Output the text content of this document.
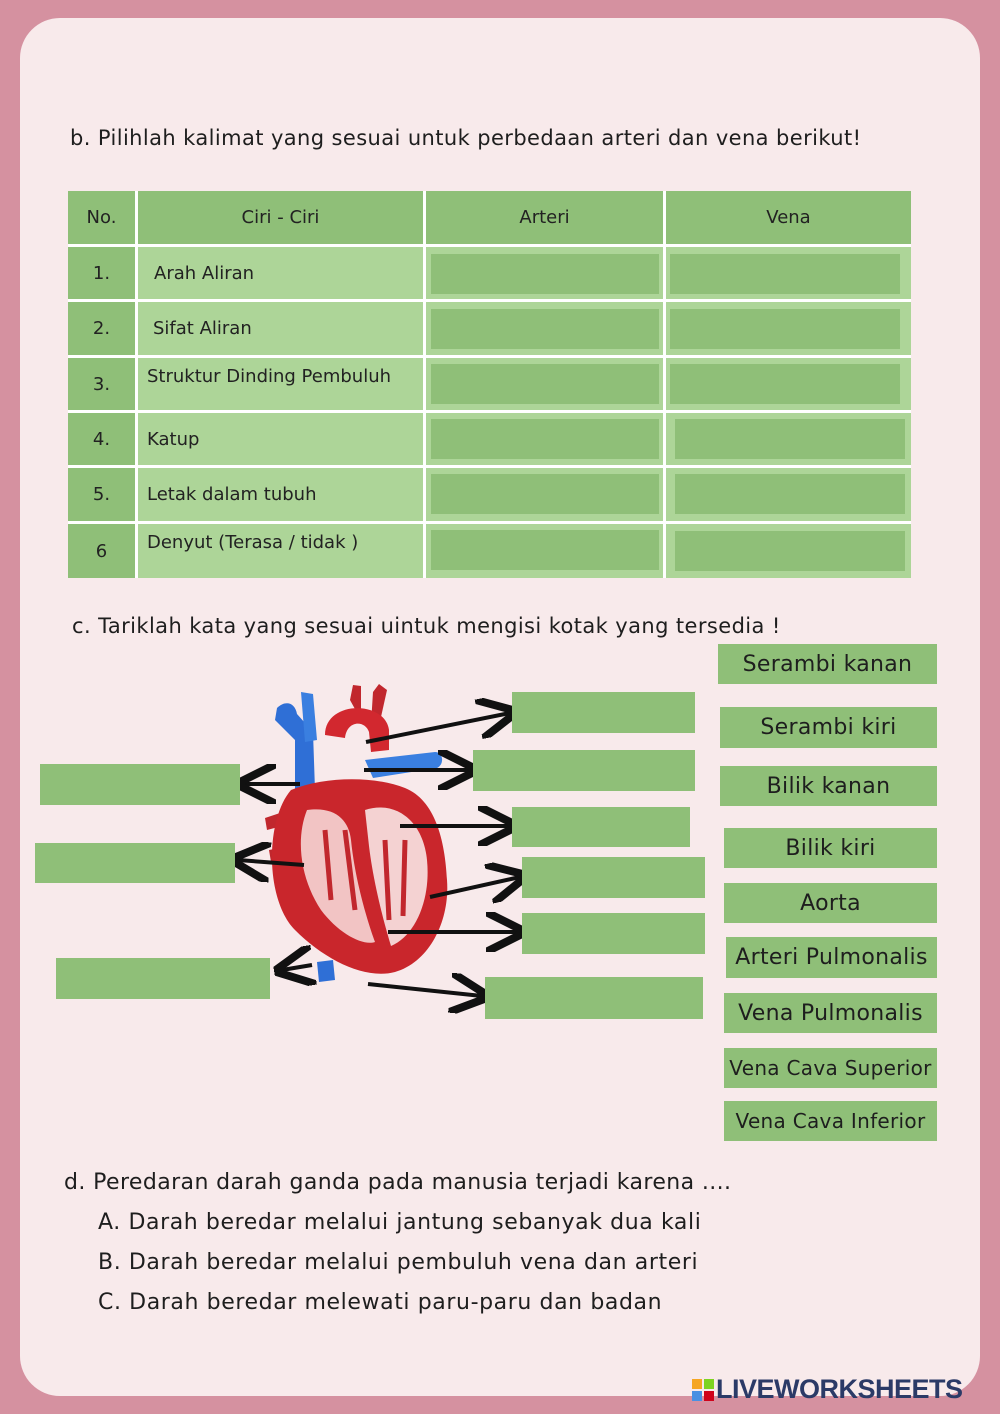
b. Pilihlah kalimat yang sesuai untuk perbedaan arteri dan vena berikut!
No.	Ciri - Ciri	Arteri	Vena
1.	Arah Aliran
2.	Sifat Aliran
3.	Struktur Dinding Pembuluh
4.	Katup
5.	Letak dalam tubuh
6	Denyut (Terasa / tidak )
c. Tariklah kata yang sesuai uintuk mengisi kotak yang tersedia !
Serambi kanan
Serambi kiri
Bilik kanan
Bilik kiri
Aorta
Arteri Pulmonalis
Vena Pulmonalis
Vena Cava Superior
Vena Cava Inferior
d. Peredaran darah ganda pada manusia terjadi karena ....
A. Darah beredar melalui jantung sebanyak dua kali
B. Darah beredar melalui pembuluh vena dan arteri
C. Darah beredar melewati paru-paru dan badan
LIVEWORKSHEETS
